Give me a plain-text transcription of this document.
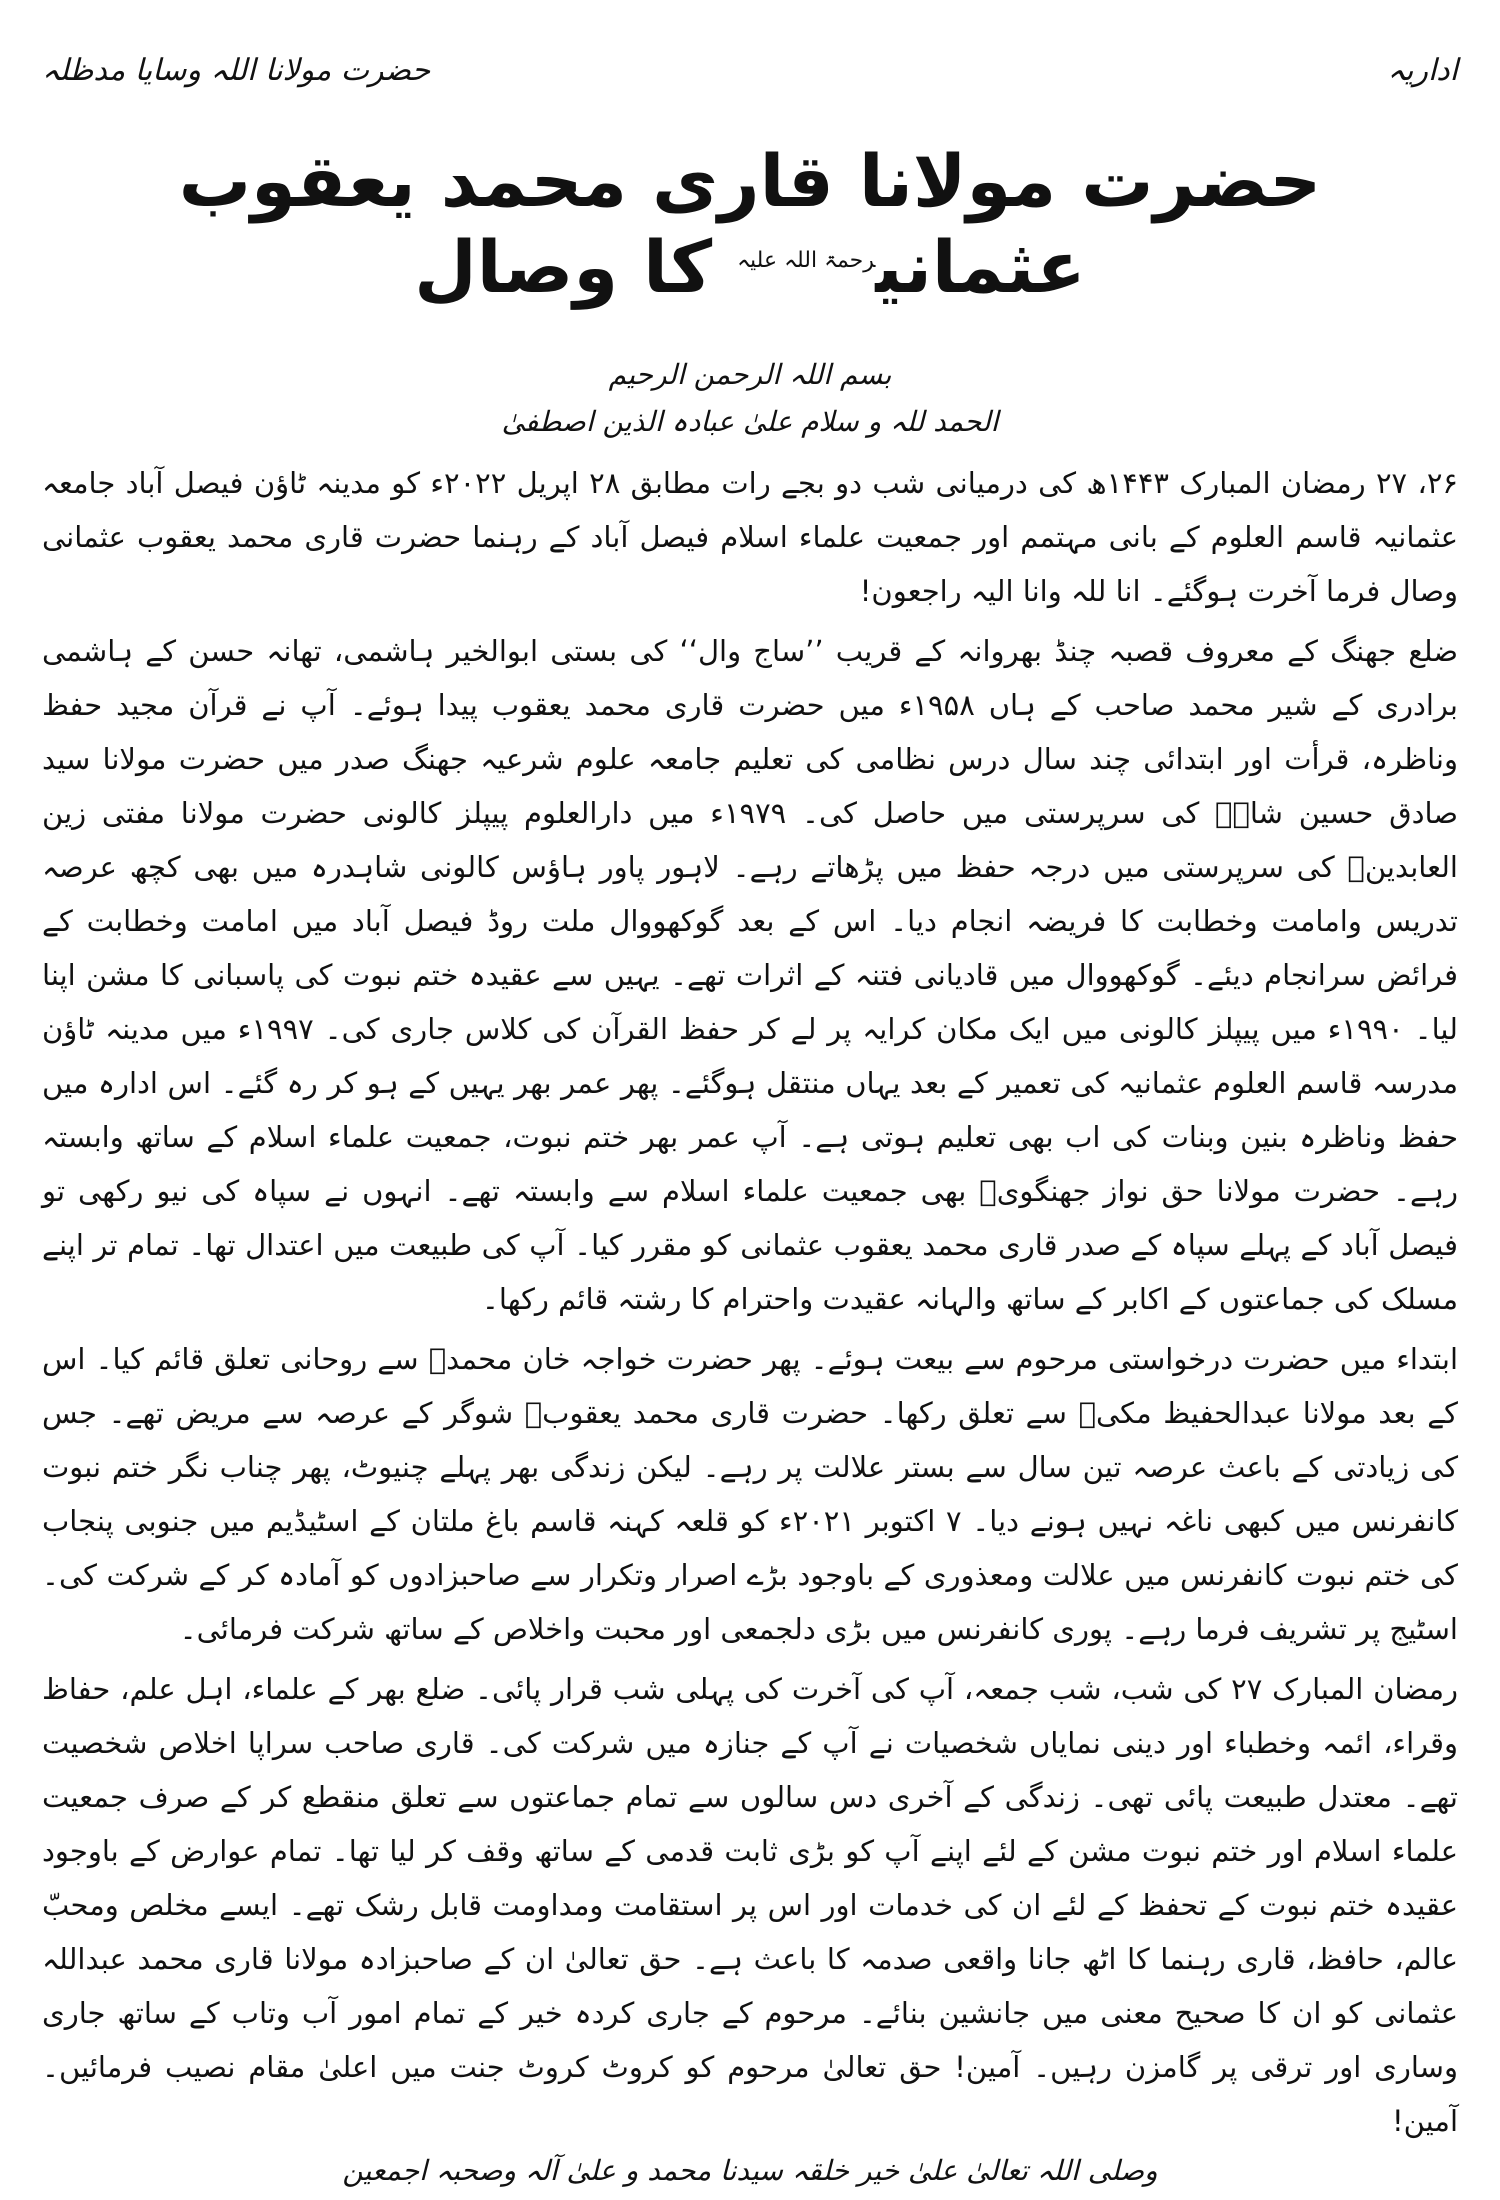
اداریہ
حضرت مولانا اللہ وسایا مدظلہ
حضرت مولانا قاری محمد یعقوب عثمانی$^{رحمۃ اللہ علیہ}$ کا وصال
بسم اللہ الرحمن الرحیم
الحمد للہ و سلام علیٰ عبادہ الذین اصطفیٰ

۲۶، ۲۷ رمضان المبارک ۱۴۴۳ھ کی درمیانی شب دو بجے رات مطابق ۲۸ اپریل ۲۰۲۲ء کو مدینہ ٹاؤن فیصل آباد جامعہ عثمانیہ قاسم العلوم کے بانی مہتمم اور جمعیت علماء اسلام فیصل آباد کے رہنما حضرت قاری محمد یعقوب عثمانی وصال فرما آخرت ہوگئے۔ انا للہ وانا الیہ راجعون!

ضلع جھنگ کے معروف قصبہ چنڈ بھروانہ کے قریب ’’ساج وال‘‘ کی بستی ابوالخیر ہاشمی، تھانہ حسن کے ہاشمی برادری کے شیر محمد صاحب کے ہاں ۱۹۵۸ء میں حضرت قاری محمد یعقوب پیدا ہوئے۔ آپ نے قرآن مجید حفظ وناظرہ، قرأت اور ابتدائی چند سال درس نظامی کی تعلیم جامعہ علوم شرعیہ جھنگ صدر میں حضرت مولانا سید صادق حسین شاہؒ کی سرپرستی میں حاصل کی۔ ۱۹۷۹ء میں دارالعلوم پیپلز کالونی حضرت مولانا مفتی زین العابدینؒ کی سرپرستی میں درجہ حفظ میں پڑھاتے رہے۔ لاہور پاور ہاؤس کالونی شاہدرہ میں بھی کچھ عرصہ تدریس وامامت وخطابت کا فریضہ انجام دیا۔ اس کے بعد گوکھووال ملت روڈ فیصل آباد میں امامت وخطابت کے فرائض سرانجام دیئے۔ گوکھووال میں قادیانی فتنہ کے اثرات تھے۔ یہیں سے عقیدہ ختم نبوت کی پاسبانی کا مشن اپنا لیا۔ ۱۹۹۰ء میں پیپلز کالونی میں ایک مکان کرایہ پر لے کر حفظ القرآن کی کلاس جاری کی۔ ۱۹۹۷ء میں مدینہ ٹاؤن مدرسہ قاسم العلوم عثمانیہ کی تعمیر کے بعد یہاں منتقل ہوگئے۔ پھر عمر بھر یہیں کے ہو کر رہ گئے۔ اس ادارہ میں حفظ وناظرہ بنین وبنات کی اب بھی تعلیم ہوتی ہے۔ آپ عمر بھر ختم نبوت، جمعیت علماء اسلام کے ساتھ وابستہ رہے۔ حضرت مولانا حق نواز جھنگویؒ بھی جمعیت علماء اسلام سے وابستہ تھے۔ انہوں نے سپاہ کی نیو رکھی تو فیصل آباد کے پہلے سپاہ کے صدر قاری محمد یعقوب عثمانی کو مقرر کیا۔ آپ کی طبیعت میں اعتدال تھا۔ تمام تر اپنے مسلک کی جماعتوں کے اکابر کے ساتھ والہانہ عقیدت واحترام کا رشتہ قائم رکھا۔

ابتداء میں حضرت درخواستی مرحوم سے بیعت ہوئے۔ پھر حضرت خواجہ خان محمدؒ سے روحانی تعلق قائم کیا۔ اس کے بعد مولانا عبدالحفیظ مکیؒ سے تعلق رکھا۔ حضرت قاری محمد یعقوبؒ شوگر کے عرصہ سے مریض تھے۔ جس کی زیادتی کے باعث عرصہ تین سال سے بستر علالت پر رہے۔ لیکن زندگی بھر پہلے چنیوٹ، پھر چناب نگر ختم نبوت کانفرنس میں کبھی ناغہ نہیں ہونے دیا۔ ۷ اکتوبر ۲۰۲۱ء کو قلعہ کہنہ قاسم باغ ملتان کے اسٹیڈیم میں جنوبی پنجاب کی ختم نبوت کانفرنس میں علالت ومعذوری کے باوجود بڑے اصرار وتکرار سے صاحبزادوں کو آمادہ کر کے شرکت کی۔ اسٹیج پر تشریف فرما رہے۔ پوری کانفرنس میں بڑی دلجمعی اور محبت واخلاص کے ساتھ شرکت فرمائی۔

رمضان المبارک ۲۷ کی شب، شب جمعہ، آپ کی آخرت کی پہلی شب قرار پائی۔ ضلع بھر کے علماء، اہل علم، حفاظ وقراء، ائمہ وخطباء اور دینی نمایاں شخصیات نے آپ کے جنازہ میں شرکت کی۔ قاری صاحب سراپا اخلاص شخصیت تھے۔ معتدل طبیعت پائی تھی۔ زندگی کے آخری دس سالوں سے تمام جماعتوں سے تعلق منقطع کر کے صرف جمعیت علماء اسلام اور ختم نبوت مشن کے لئے اپنے آپ کو بڑی ثابت قدمی کے ساتھ وقف کر لیا تھا۔ تمام عوارض کے باوجود عقیدہ ختم نبوت کے تحفظ کے لئے ان کی خدمات اور اس پر استقامت ومداومت قابل رشک تھے۔ ایسے مخلص ومحبّ عالم، حافظ، قاری رہنما کا اٹھ جانا واقعی صدمہ کا باعث ہے۔ حق تعالیٰ ان کے صاحبزادہ مولانا قاری محمد عبداللہ عثمانی کو ان کا صحیح معنی میں جانشین بنائے۔ مرحوم کے جاری کردہ خیر کے تمام امور آب وتاب کے ساتھ جاری وساری اور ترقی پر گامزن رہیں۔ آمین! حق تعالیٰ مرحوم کو کروٹ کروٹ جنت میں اعلیٰ مقام نصیب فرمائیں۔ آمین!

وصلی اللہ تعالیٰ علیٰ خیر خلقہ سیدنا محمد و علیٰ آلہ وصحبہ اجمعین
